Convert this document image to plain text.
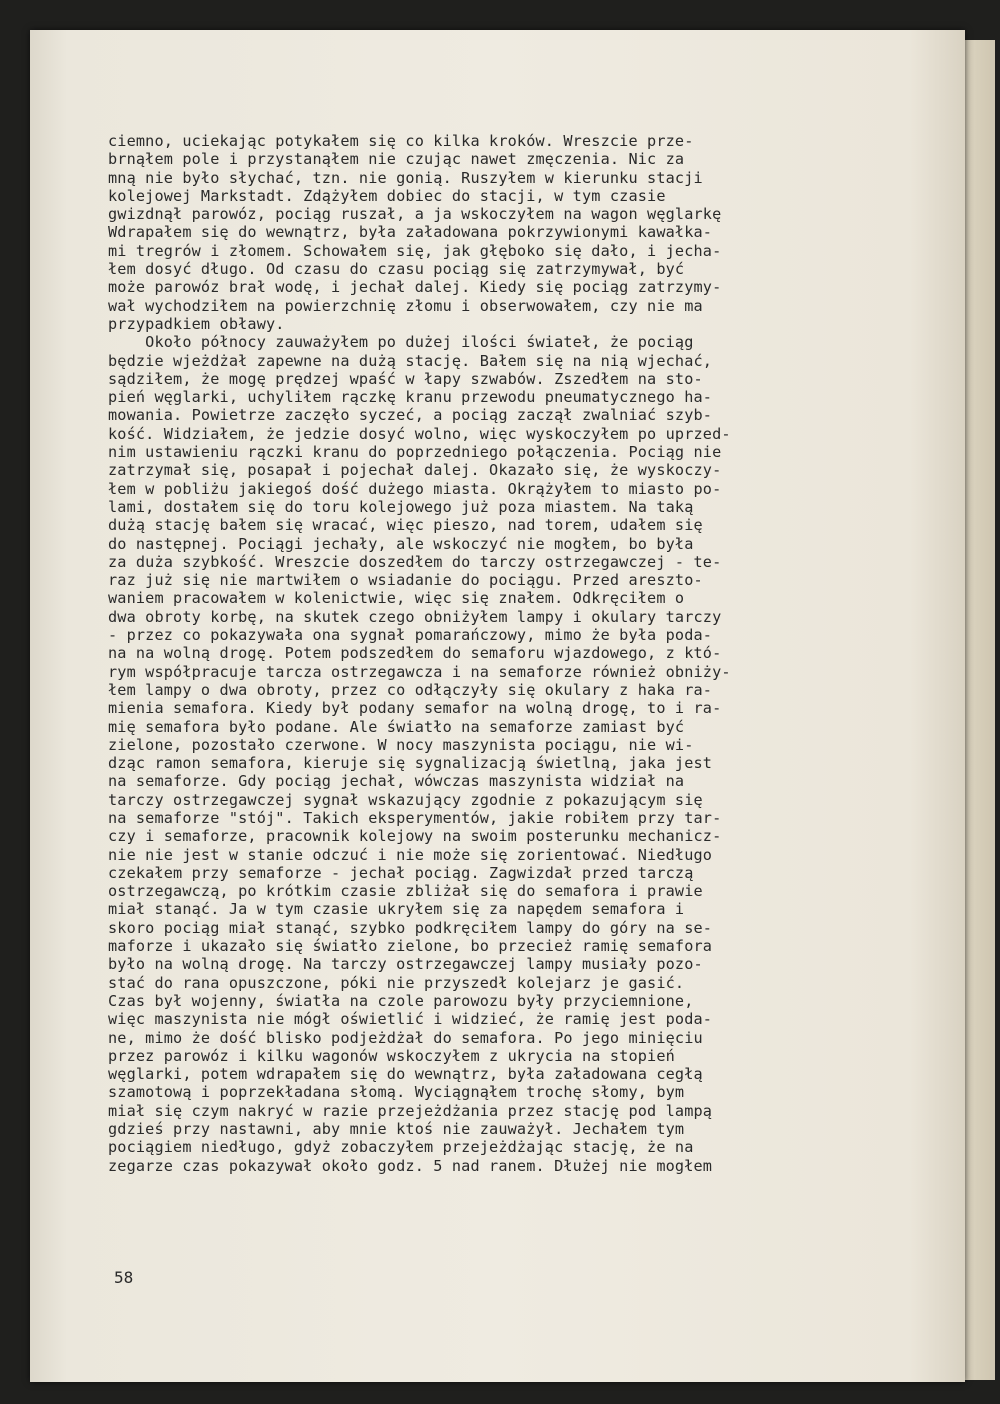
ciemno, uciekając potykałem się co kilka kroków. Wreszcie prze-
brnąłem pole i przystanąłem nie czując nawet zmęczenia. Nic za
mną nie było słychać, tzn. nie gonią. Ruszyłem w kierunku stacji
kolejowej Markstadt. Zdążyłem dobiec do stacji, w tym czasie
gwizdnął parowóz, pociąg ruszał, a ja wskoczyłem na wagon węglarkę
Wdrapałem się do wewnątrz, była załadowana pokrzywionymi kawałka-
mi tregrów i złomem. Schowałem się, jak głęboko się dało, i jecha-
łem dosyć długo. Od czasu do czasu pociąg się zatrzymywał, być
może parowóz brał wodę, i jechał dalej. Kiedy się pociąg zatrzymy-
wał wychodziłem na powierzchnię złomu i obserwowałem, czy nie ma
przypadkiem obławy.
Około północy zauważyłem po dużej ilości świateł, że pociąg
będzie wjeżdżał zapewne na dużą stację. Bałem się na nią wjechać,
sądziłem, że mogę prędzej wpaść w łapy szwabów. Zszedłem na sto-
pień węglarki, uchyliłem rączkę kranu przewodu pneumatycznego ha-
mowania. Powietrze zaczęło syczeć, a pociąg zaczął zwalniać szyb-
kość. Widziałem, że jedzie dosyć wolno, więc wyskoczyłem po uprzed-
nim ustawieniu rączki kranu do poprzedniego połączenia. Pociąg nie
zatrzymał się, posapał i pojechał dalej. Okazało się, że wyskoczy-
łem w pobliżu jakiegoś dość dużego miasta. Okrążyłem to miasto po-
lami, dostałem się do toru kolejowego już poza miastem. Na taką
dużą stację bałem się wracać, więc pieszo, nad torem, udałem się
do następnej. Pociągi jechały, ale wskoczyć nie mogłem, bo była
za duża szybkość. Wreszcie doszedłem do tarczy ostrzegawczej - te-
raz już się nie martwiłem o wsiadanie do pociągu. Przed areszto-
waniem pracowałem w kolenictwie, więc się znałem. Odkręciłem o
dwa obroty korbę, na skutek czego obniżyłem lampy i okulary tarczy
- przez co pokazywała ona sygnał pomarańczowy, mimo że była poda-
na na wolną drogę. Potem podszedłem do semaforu wjazdowego, z któ-
rym współpracuje tarcza ostrzegawcza i na semaforze również obniży-
łem lampy o dwa obroty, przez co odłączyły się okulary z haka ra-
mienia semafora. Kiedy był podany semafor na wolną drogę, to i ra-
mię semafora było podane. Ale światło na semaforze zamiast być
zielone, pozostało czerwone. W nocy maszynista pociągu, nie wi-
dząc ramon semafora, kieruje się sygnalizacją świetlną, jaka jest
na semaforze. Gdy pociąg jechał, wówczas maszynista widział na
tarczy ostrzegawczej sygnał wskazujący zgodnie z pokazującym się
na semaforze "stój". Takich eksperymentów, jakie robiłem przy tar-
czy i semaforze, pracownik kolejowy na swoim posterunku mechanicz-
nie nie jest w stanie odczuć i nie może się zorientować. Niedługo
czekałem przy semaforze - jechał pociąg. Zagwizdał przed tarczą
ostrzegawczą, po krótkim czasie zbliżał się do semafora i prawie
miał stanąć. Ja w tym czasie ukryłem się za napędem semafora i
skoro pociąg miał stanąć, szybko podkręciłem lampy do góry na se-
maforze i ukazało się światło zielone, bo przecież ramię semafora
było na wolną drogę. Na tarczy ostrzegawczej lampy musiały pozo-
stać do rana opuszczone, póki nie przyszedł kolejarz je gasić.
Czas był wojenny, światła na czole parowozu były przyciemnione,
więc maszynista nie mógł oświetlić i widzieć, że ramię jest poda-
ne, mimo że dość blisko podjeżdżał do semafora. Po jego minięciu
przez parowóz i kilku wagonów wskoczyłem z ukrycia na stopień
węglarki, potem wdrapałem się do wewnątrz, była załadowana cegłą
szamotową i poprzekładana słomą. Wyciągnąłem trochę słomy, bym
miał się czym nakryć w razie przejeżdżania przez stację pod lampą
gdzieś przy nastawni, aby mnie ktoś nie zauważył. Jechałem tym
pociągiem niedługo, gdyż zobaczyłem przejeżdżając stację, że na
zegarze czas pokazywał około godz. 5 nad ranem. Dłużej nie mogłem
58
